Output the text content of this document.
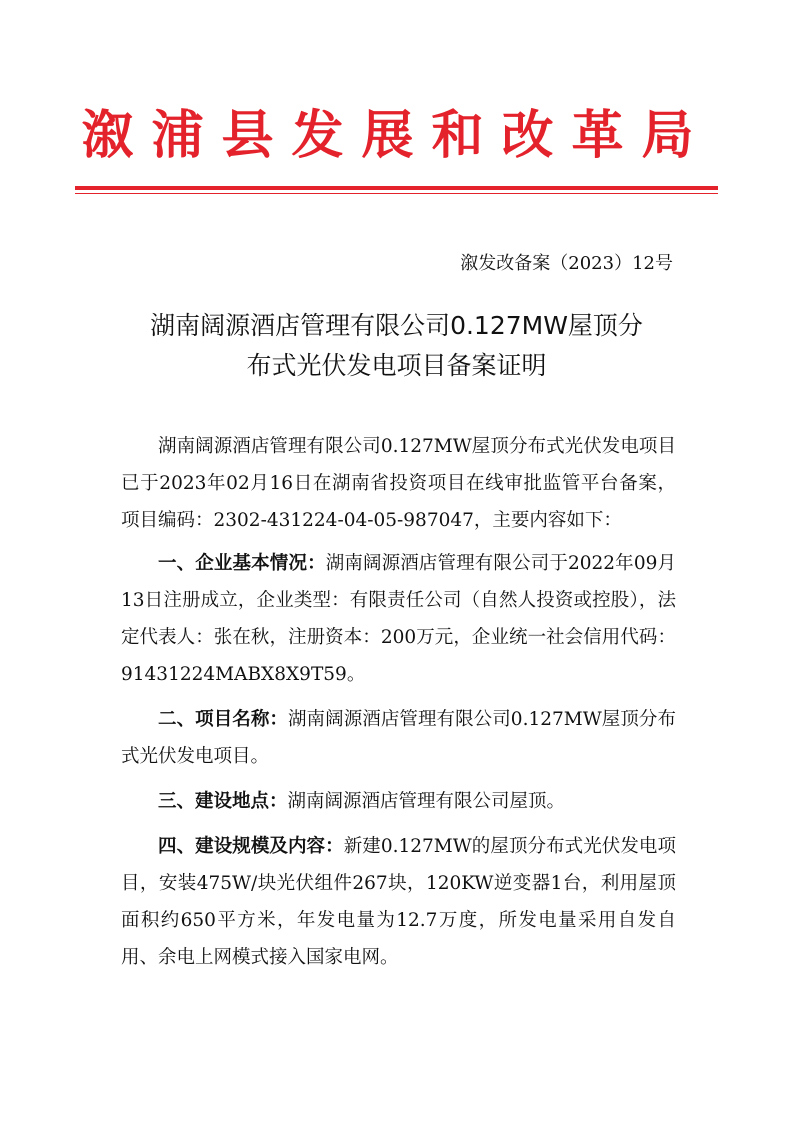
溆浦县发展和改革局
溆发改备案（2023）12号
湖南阔源酒店管理有限公司0.127MW屋顶分
布式光伏发电项目备案证明

湖南阔源酒店管理有限公司0.127MW屋顶分布式光伏发电项目已于2023年02月16日在湖南省投资项目在线审批监管平台备案，项目编码：2302-431224-04-05-987047，主要内容如下：

一、企业基本情况：湖南阔源酒店管理有限公司于2022年09月13日注册成立，企业类型：有限责任公司（自然人投资或控股），法定代表人：张在秋，注册资本：200万元，企业统一社会信用代码：91431224MABX8X9T59。

二、项目名称：湖南阔源酒店管理有限公司0.127MW屋顶分布式光伏发电项目。

三、建设地点：湖南阔源酒店管理有限公司屋顶。

四、建设规模及内容：新建0.127MW的屋顶分布式光伏发电项目，安装475W/块光伏组件267块，120KW逆变器1台，利用屋顶面积约650平方米，年发电量为12.7万度，所发电量采用自发自用、余电上网模式接入国家电网。
